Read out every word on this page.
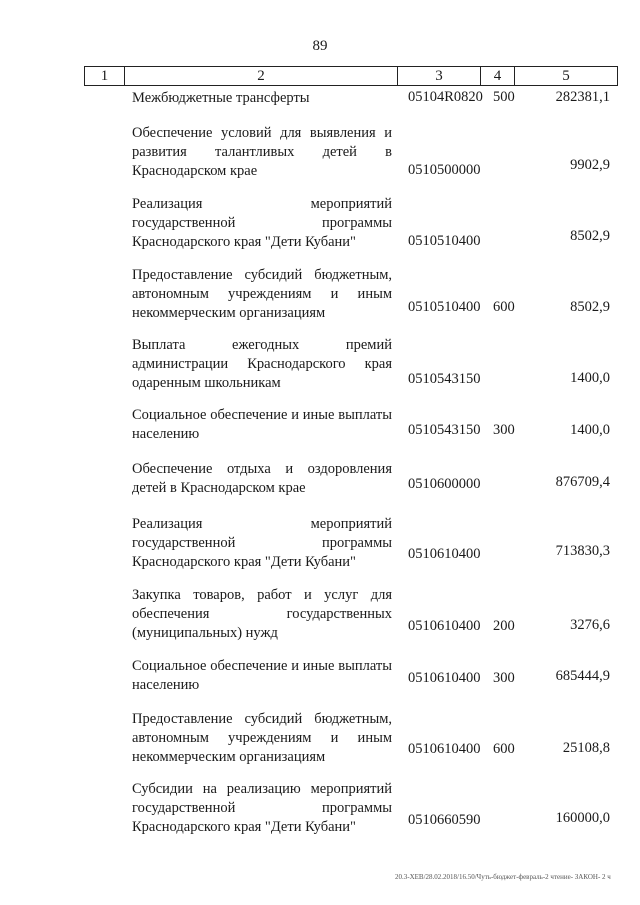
89
1	2	3	4	5
Межбюджетные трансферты	05104R0820 500	282381,1
Обеспечение условий для выявления и развития талантливых детей в Краснодарском крае	0510500000	9902,9
Реализация мероприятий государственной программы Краснодарского края "Дети Кубани"	0510510400	8502,9
Предоставление субсидий бюджетным, автономным учреждениям и иным некоммерческим организациям	0510510400 600	8502,9
Выплата ежегодных премий администрации Краснодарского края одаренным школьникам	0510543150	1400,0
Социальное обеспечение и иные выплаты населению	0510543150 300	1400,0
Обеспечение отдыха и оздоровления детей в Краснодарском крае	0510600000	876709,4
Реализация мероприятий государственной программы Краснодарского края "Дети Кубани"	0510610400	713830,3
Закупка товаров, работ и услуг для обеспечения государственных (муниципальных) нужд	0510610400 200	3276,6
Социальное обеспечение и иные выплаты населению	0510610400 300	685444,9
Предоставление субсидий бюджетным, автономным учреждениям и иным некоммерческим организациям	0510610400 600	25108,8
Субсидии на реализацию мероприятий государственной программы Краснодарского края "Дети Кубани"	0510660590	160000,0
20.3-ХЕВ/28.02.2018/16.50/Чуть-бюджет-февраль-2 чтение- ЗАКОН- 2 ч
